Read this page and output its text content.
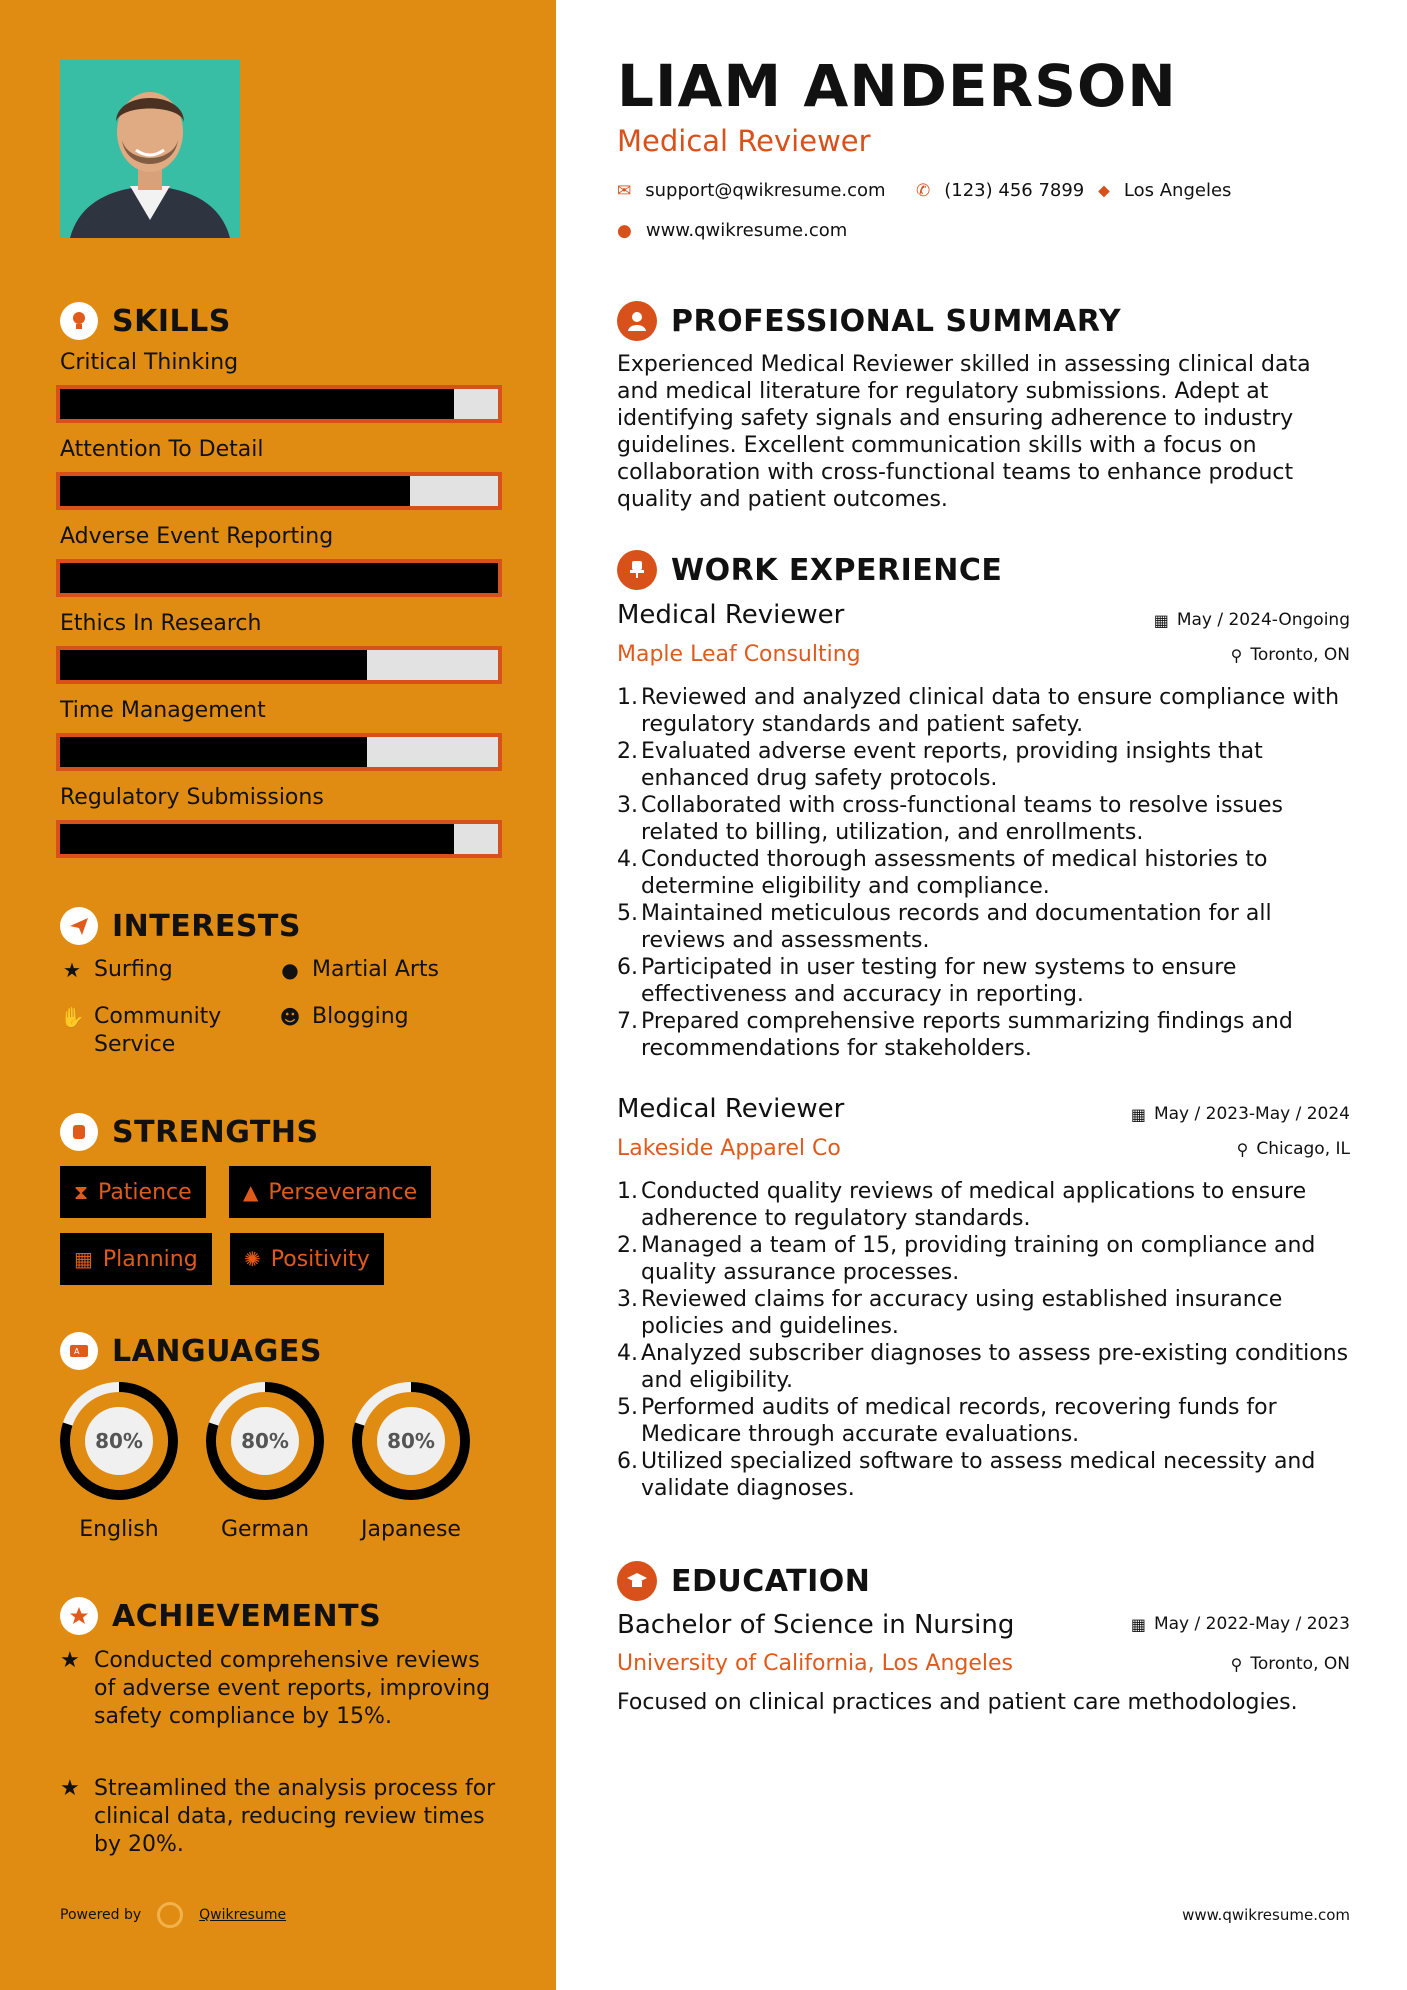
SKILLS
Critical Thinking
Attention To Detail
Adverse Event Reporting
Ethics In Research
Time Management
Regulatory Submissions
INTERESTS
★ Surfing	● Martial Arts
✋ Community Service
☻ Blogging
STRENGTHS
⧗ Patience	▲ Perseverance
▦ Planning ✺ Positivity
A LANGUAGES
80%
English
80%
German
80%
Japanese
ACHIEVEMENTS
★ Conducted comprehensive reviews of adverse event reports, improving safety compliance by 15%.
★ Streamlined the analysis process for clinical data, reducing review times by 20%.
Powered by	Qwikresume
LIAM ANDERSON
Medical Reviewer
✉ support@qwikresume.com ✆ (123) 456 7899 ⬥ Los Angeles
● www.qwikresume.com
PROFESSIONAL SUMMARY
Experienced Medical Reviewer skilled in assessing clinical data and medical literature for regulatory submissions. Adept at identifying safety signals and ensuring adherence to industry guidelines. Excellent communication skills with a focus on collaboration with cross-functional teams to enhance product quality and patient outcomes.
WORK EXPERIENCE
Medical Reviewer	▦ May / 2024-Ongoing
Maple Leaf Consulting	⚲ Toronto, ON
1. Reviewed and analyzed clinical data to ensure compliance with regulatory standards and patient safety.
2. Evaluated adverse event reports, providing insights that enhanced drug safety protocols.
3. Collaborated with cross-functional teams to resolve issues related to billing, utilization, and enrollments.
4. Conducted thorough assessments of medical histories to determine eligibility and compliance.
5. Maintained meticulous records and documentation for all reviews and assessments.
6. Participated in user testing for new systems to ensure effectiveness and accuracy in reporting.
7. Prepared comprehensive reports summarizing findings and recommendations for stakeholders.
Medical Reviewer	▦ May / 2023-May / 2024
Lakeside Apparel Co	⚲ Chicago, IL
1. Conducted quality reviews of medical applications to ensure adherence to regulatory standards.
2. Managed a team of 15, providing training on compliance and quality assurance processes.
3. Reviewed claims for accuracy using established insurance policies and guidelines.
4. Analyzed subscriber diagnoses to assess pre-existing conditions and eligibility.
5. Performed audits of medical records, recovering funds for Medicare through accurate evaluations.
6. Utilized specialized software to assess medical necessity and validate diagnoses.
EDUCATION
Bachelor of Science in Nursing	▦ May / 2022-May / 2023
University of California, Los Angeles	⚲ Toronto, ON
Focused on clinical practices and patient care methodologies.
www.qwikresume.com
